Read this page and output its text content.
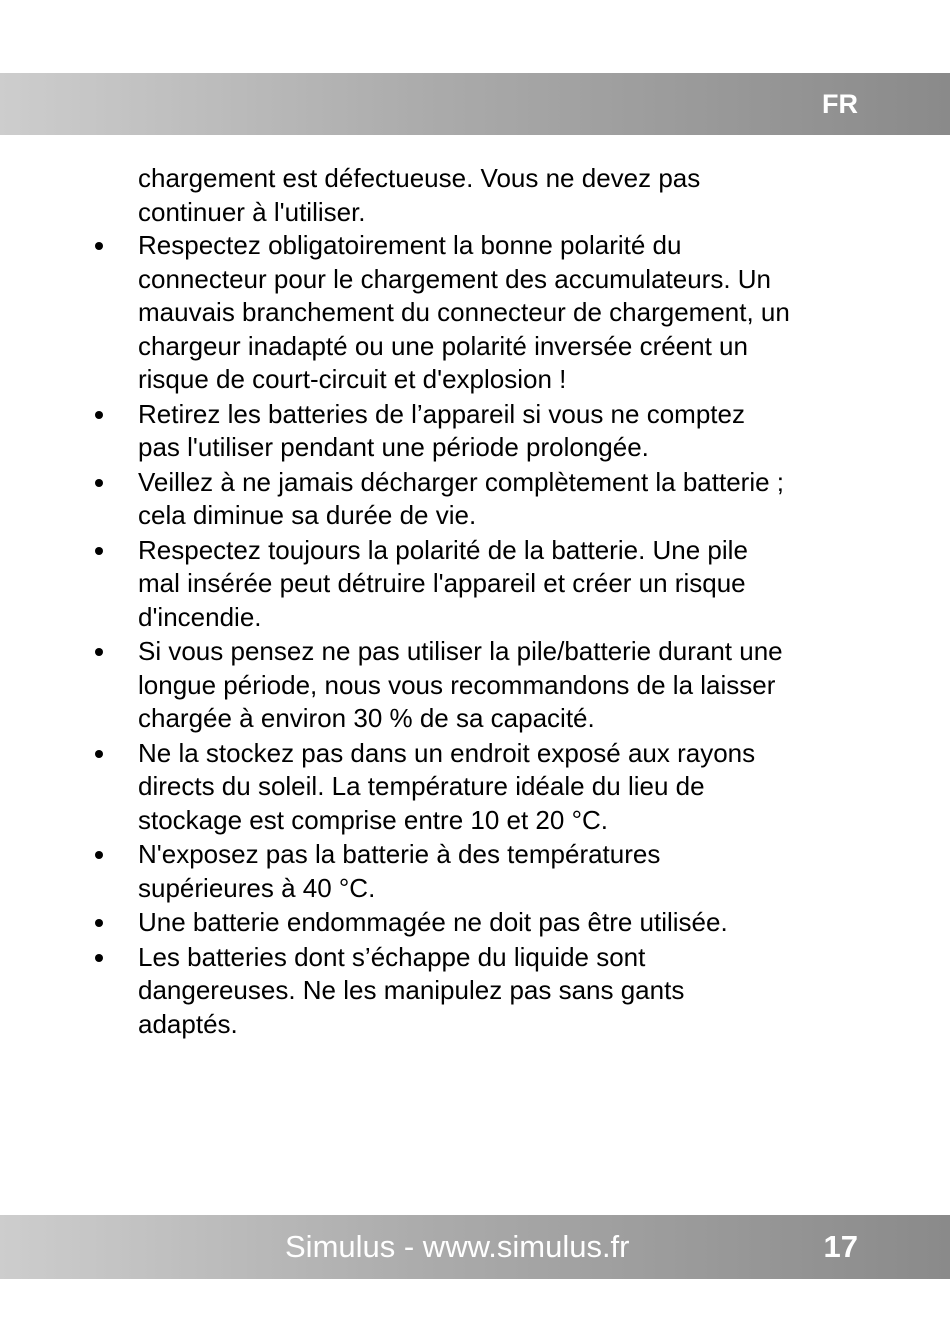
FR

chargement est défectueuse. Vous ne devez pas
continuer à l'utiliser.

Respectez obligatoirement la bonne polarité du
connecteur pour le chargement des accumulateurs. Un
mauvais branchement du connecteur de chargement, un
chargeur inadapté ou une polarité inversée créent un
risque de court-circuit et d'explosion !
Retirez les batteries de l’appareil si vous ne comptez
pas l'utiliser pendant une période prolongée.
Veillez à ne jamais décharger complètement la batterie ;
cela diminue sa durée de vie.
Respectez toujours la polarité de la batterie. Une pile
mal insérée peut détruire l'appareil et créer un risque
d'incendie.
Si vous pensez ne pas utiliser la pile/batterie durant une
longue période, nous vous recommandons de la laisser
chargée à environ 30 % de sa capacité.
Ne la stockez pas dans un endroit exposé aux rayons
directs du soleil. La température idéale du lieu de
stockage est comprise entre 10 et 20 °C.
N'exposez pas la batterie à des températures
supérieures à 40 °C.
Une batterie endommagée ne doit pas être utilisée.
Les batteries dont s’échappe du liquide sont
dangereuses. Ne les manipulez pas sans gants
adaptés.
Simulus - www.simulus.fr	17
